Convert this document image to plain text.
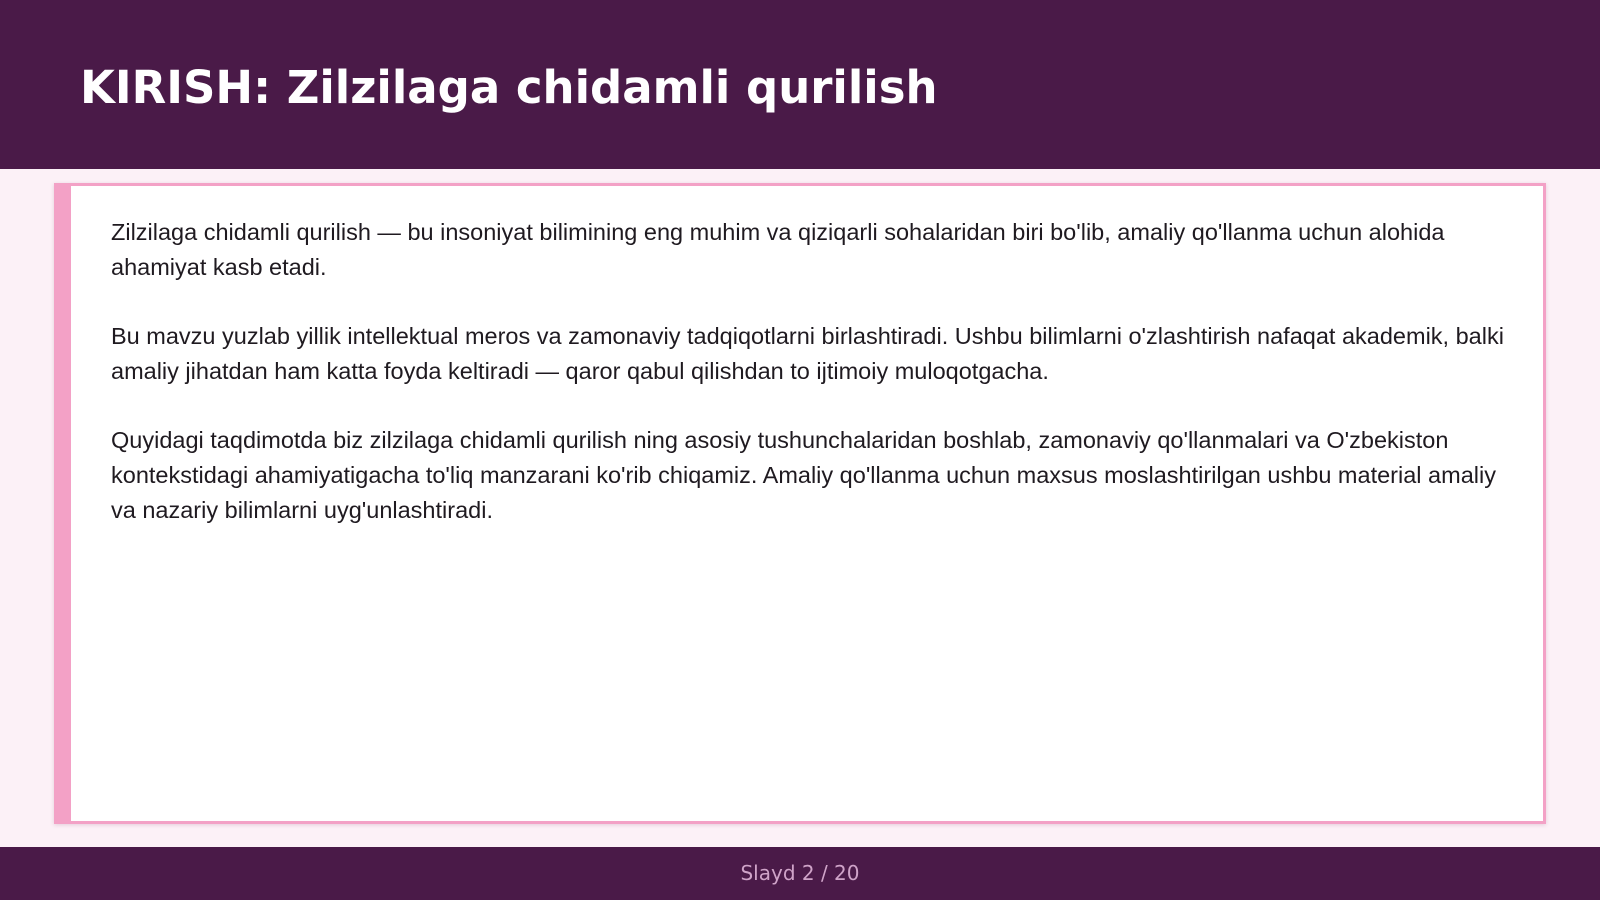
KIRISH: Zilzilaga chidamli qurilish

Zilzilaga chidamli qurilish — bu insoniyat bilimining eng muhim va qiziqarli sohalaridan biri bo'lib, amaliy qo'llanma uchun alohida ahamiyat kasb etadi.

Bu mavzu yuzlab yillik intellektual meros va zamonaviy tadqiqotlarni birlashtiradi. Ushbu bilimlarni o'zlashtirish nafaqat akademik, balki amaliy jihatdan ham katta foyda keltiradi — qaror qabul qilishdan to ijtimoiy muloqotgacha.

Quyidagi taqdimotda biz zilzilaga chidamli qurilish ning asosiy tushunchalaridan boshlab, zamonaviy qo'llanmalari va O'zbekiston kontekstidagi ahamiyatigacha to'liq manzarani ko'rib chiqamiz. Amaliy qo'llanma uchun maxsus moslashtirilgan ushbu material amaliy va nazariy bilimlarni uyg'unlashtiradi.

Slayd 2 / 20
